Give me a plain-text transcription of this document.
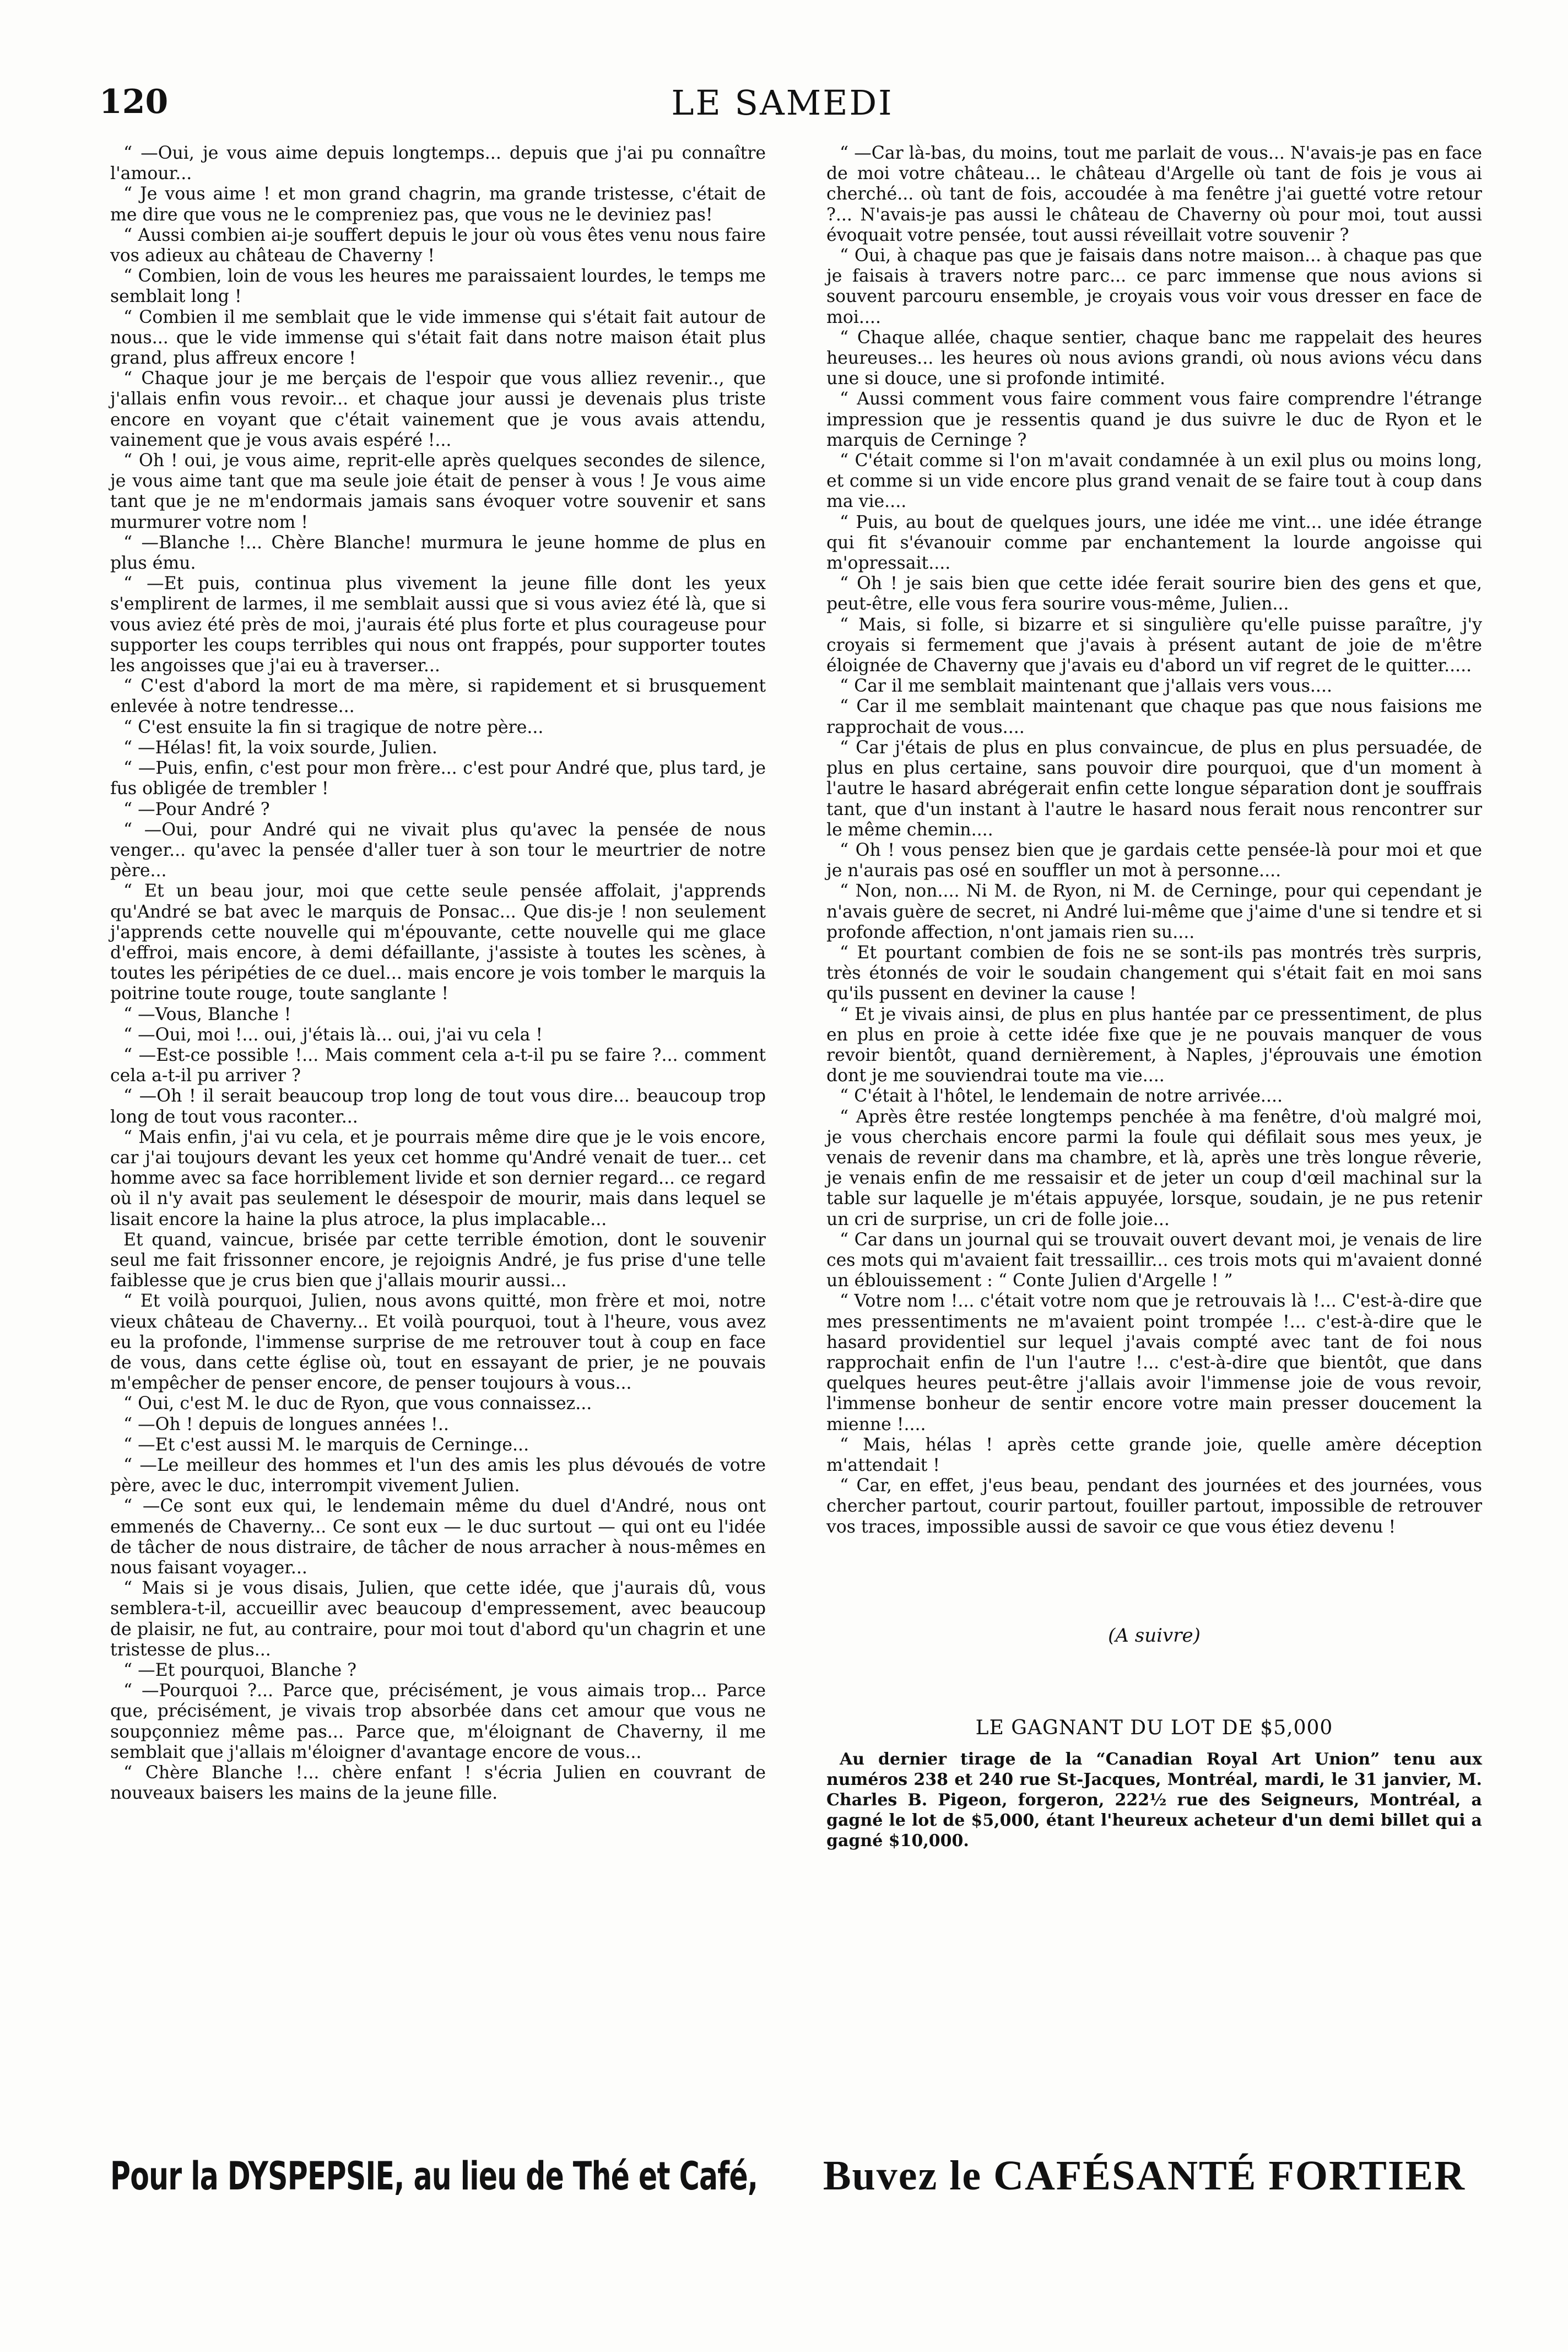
120	LE SAMEDI

“ —Oui, je vous aime depuis longtemps... depuis que j'ai pu connaître l'amour...

“ Je vous aime ! et mon grand chagrin, ma grande tristesse, c'était de me dire que vous ne le compreniez pas, que vous ne le deviniez pas!

“ Aussi combien ai-je souffert depuis le jour où vous êtes venu nous faire vos adieux au château de Chaverny !

“ Combien, loin de vous les heures me paraissaient lourdes, le temps me semblait long !

“ Combien il me semblait que le vide immense qui s'était fait autour de nous... que le vide immense qui s'était fait dans notre maison était plus grand, plus affreux encore !

“ Chaque jour je me berçais de l'espoir que vous alliez revenir.., que j'allais enfin vous revoir... et chaque jour aussi je devenais plus triste encore en voyant que c'était vainement que je vous avais attendu, vainement que je vous avais espéré !...

“ Oh ! oui, je vous aime, reprit-elle après quelques secondes de silence, je vous aime tant que ma seule joie était de penser à vous ! Je vous aime tant que je ne m'endormais jamais sans évoquer votre souvenir et sans murmurer votre nom !

“ —Blanche !... Chère Blanche! murmura le jeune homme de plus en plus ému.

“ —Et puis, continua plus vivement la jeune fille dont les yeux s'emplirent de larmes, il me semblait aussi que si vous aviez été là, que si vous aviez été près de moi, j'aurais été plus forte et plus courageuse pour supporter les coups terribles qui nous ont frappés, pour supporter toutes les angoisses que j'ai eu à traverser...

“ C'est d'abord la mort de ma mère, si rapidement et si brusquement enlevée à notre tendresse...

“ C'est ensuite la fin si tragique de notre père...

“ —Hélas! fit, la voix sourde, Julien.

“ —Puis, enfin, c'est pour mon frère... c'est pour André que, plus tard, je fus obligée de trembler !

“ —Pour André ?

“ —Oui, pour André qui ne vivait plus qu'avec la pensée de nous venger... qu'avec la pensée d'aller tuer à son tour le meurtrier de notre père...

“ Et un beau jour, moi que cette seule pensée affolait, j'apprends qu'André se bat avec le marquis de Ponsac... Que dis-je ! non seulement j'apprends cette nouvelle qui m'épouvante, cette nouvelle qui me glace d'effroi, mais encore, à demi défaillante, j'assiste à toutes les scènes, à toutes les péripéties de ce duel... mais encore je vois tomber le marquis la poitrine toute rouge, toute sanglante !

“ —Vous, Blanche !

“ —Oui, moi !... oui, j'étais là... oui, j'ai vu cela !

“ —Est-ce possible !... Mais comment cela a-t-il pu se faire ?... comment cela a-t-il pu arriver ?

“ —Oh ! il serait beaucoup trop long de tout vous dire... beaucoup trop long de tout vous raconter...

“ Mais enfin, j'ai vu cela, et je pourrais même dire que je le vois encore, car j'ai toujours devant les yeux cet homme qu'André venait de tuer... cet homme avec sa face horriblement livide et son dernier regard... ce regard où il n'y avait pas seulement le désespoir de mourir, mais dans lequel se lisait encore la haine la plus atroce, la plus implacable...

Et quand, vaincue, brisée par cette terrible émotion, dont le souvenir seul me fait frissonner encore, je rejoignis André, je fus prise d'une telle faiblesse que je crus bien que j'allais mourir aussi...

“ Et voilà pourquoi, Julien, nous avons quitté, mon frère et moi, notre vieux château de Chaverny... Et voilà pourquoi, tout à l'heure, vous avez eu la profonde, l'immense surprise de me retrouver tout à coup en face de vous, dans cette église où, tout en essayant de prier, je ne pouvais m'empêcher de penser encore, de penser toujours à vous...

“ Oui, c'est M. le duc de Ryon, que vous connaissez...

“ —Oh ! depuis de longues années !..

“ —Et c'est aussi M. le marquis de Cerninge...

“ —Le meilleur des hommes et l'un des amis les plus dévoués de votre père, avec le duc, interrompit vivement Julien.

“ —Ce sont eux qui, le lendemain même du duel d'André, nous ont emmenés de Chaverny... Ce sont eux — le duc surtout — qui ont eu l'idée de tâcher de nous distraire, de tâcher de nous arracher à nous-mêmes en nous faisant voyager...

“ Mais si je vous disais, Julien, que cette idée, que j'aurais dû, vous semblera-t-il, accueillir avec beaucoup d'empressement, avec beaucoup de plaisir, ne fut, au contraire, pour moi tout d'abord qu'un chagrin et une tristesse de plus...

“ —Et pourquoi, Blanche ?

“ —Pourquoi ?... Parce que, précisément, je vous aimais trop... Parce que, précisément, je vivais trop absorbée dans cet amour que vous ne soupçonniez même pas... Parce que, m'éloignant de Chaverny, il me semblait que j'allais m'éloigner d'avantage encore de vous...

“ Chère Blanche !... chère enfant ! s'écria Julien en couvrant de nouveaux baisers les mains de la jeune fille.

“ —Car là-bas, du moins, tout me parlait de vous... N'avais-je pas en face de moi votre château... le château d'Argelle où tant de fois je vous ai cherché... où tant de fois, accoudée à ma fenêtre j'ai guetté votre retour ?... N'avais-je pas aussi le château de Chaverny où pour moi, tout aussi évoquait votre pensée, tout aussi réveillait votre souvenir ?

“ Oui, à chaque pas que je faisais dans notre maison... à chaque pas que je faisais à travers notre parc... ce parc immense que nous avions si souvent parcouru ensemble, je croyais vous voir vous dresser en face de moi....

“ Chaque allée, chaque sentier, chaque banc me rappelait des heures heureuses... les heures où nous avions grandi, où nous avions vécu dans une si douce, une si profonde intimité.

“ Aussi comment vous faire comment vous faire comprendre l'étrange impression que je ressentis quand je dus suivre le duc de Ryon et le marquis de Cerninge ?

“ C'était comme si l'on m'avait condamnée à un exil plus ou moins long, et comme si un vide encore plus grand venait de se faire tout à coup dans ma vie....

“ Puis, au bout de quelques jours, une idée me vint... une idée étrange qui fit s'évanouir comme par enchantement la lourde angoisse qui m'opressait....

“ Oh ! je sais bien que cette idée ferait sourire bien des gens et que, peut-être, elle vous fera sourire vous-même, Julien...

“ Mais, si folle, si bizarre et si singulière qu'elle puisse paraître, j'y croyais si fermement que j'avais à présent autant de joie de m'être éloignée de Chaverny que j'avais eu d'abord un vif regret de le quitter.....

“ Car il me semblait maintenant que j'allais vers vous....

“ Car il me semblait maintenant que chaque pas que nous faisions me rapprochait de vous....

“ Car j'étais de plus en plus convaincue, de plus en plus persuadée, de plus en plus certaine, sans pouvoir dire pourquoi, que d'un moment à l'autre le hasard abrégerait enfin cette longue séparation dont je souffrais tant, que d'un instant à l'autre le hasard nous ferait nous rencontrer sur le même chemin....

“ Oh ! vous pensez bien que je gardais cette pensée-là pour moi et que je n'aurais pas osé en souffler un mot à personne....

“ Non, non.... Ni M. de Ryon, ni M. de Cerninge, pour qui cependant je n'avais guère de secret, ni André lui-même que j'aime d'une si tendre et si profonde affection, n'ont jamais rien su....

“ Et pourtant combien de fois ne se sont-ils pas montrés très surpris, très étonnés de voir le soudain changement qui s'était fait en moi sans qu'ils pussent en deviner la cause !

“ Et je vivais ainsi, de plus en plus hantée par ce pressentiment, de plus en plus en proie à cette idée fixe que je ne pouvais manquer de vous revoir bientôt, quand dernièrement, à Naples, j'éprouvais une émotion dont je me souviendrai toute ma vie....

“ C'était à l'hôtel, le lendemain de notre arrivée....

“ Après être restée longtemps penchée à ma fenêtre, d'où malgré moi, je vous cherchais encore parmi la foule qui défilait sous mes yeux, je venais de revenir dans ma chambre, et là, après une très longue rêverie, je venais enfin de me ressaisir et de jeter un coup d'œil machinal sur la table sur laquelle je m'étais appuyée, lorsque, soudain, je ne pus retenir un cri de surprise, un cri de folle joie...

“ Car dans un journal qui se trouvait ouvert devant moi, je venais de lire ces mots qui m'avaient fait tressaillir... ces trois mots qui m'avaient donné un éblouissement : “ Conte Julien d'Argelle ! ”

“ Votre nom !... c'était votre nom que je retrouvais là !... C'est-à-dire que mes pressentiments ne m'avaient point trompée !... c'est-à-dire que le hasard providentiel sur lequel j'avais compté avec tant de foi nous rapprochait enfin de l'un l'autre !... c'est-à-dire que bientôt, que dans quelques heures peut-être j'allais avoir l'immense joie de vous revoir, l'immense bonheur de sentir encore votre main presser doucement la mienne !....

“ Mais, hélas ! après cette grande joie, quelle amère déception m'attendait !

“ Car, en effet, j'eus beau, pendant des journées et des journées, vous chercher partout, courir partout, fouiller partout, impossible de retrouver vos traces, impossible aussi de savoir ce que vous étiez devenu !

(A suivre)

LE GAGNANT DU LOT DE $5,000

Au dernier tirage de la “Canadian Royal Art Union” tenu aux numéros 238 et 240 rue St-Jacques, Montréal, mardi, le 31 janvier, M. Charles B. Pigeon, forgeron, 222½ rue des Seigneurs, Montréal, a gagné le lot de $5,000, étant l'heureux acheteur d'un demi billet qui a gagné $10,000.

Pour la DYSPEPSIE, au lieu de Thé et Café, Buvez le CAFÉSANTÉ FORTIER
